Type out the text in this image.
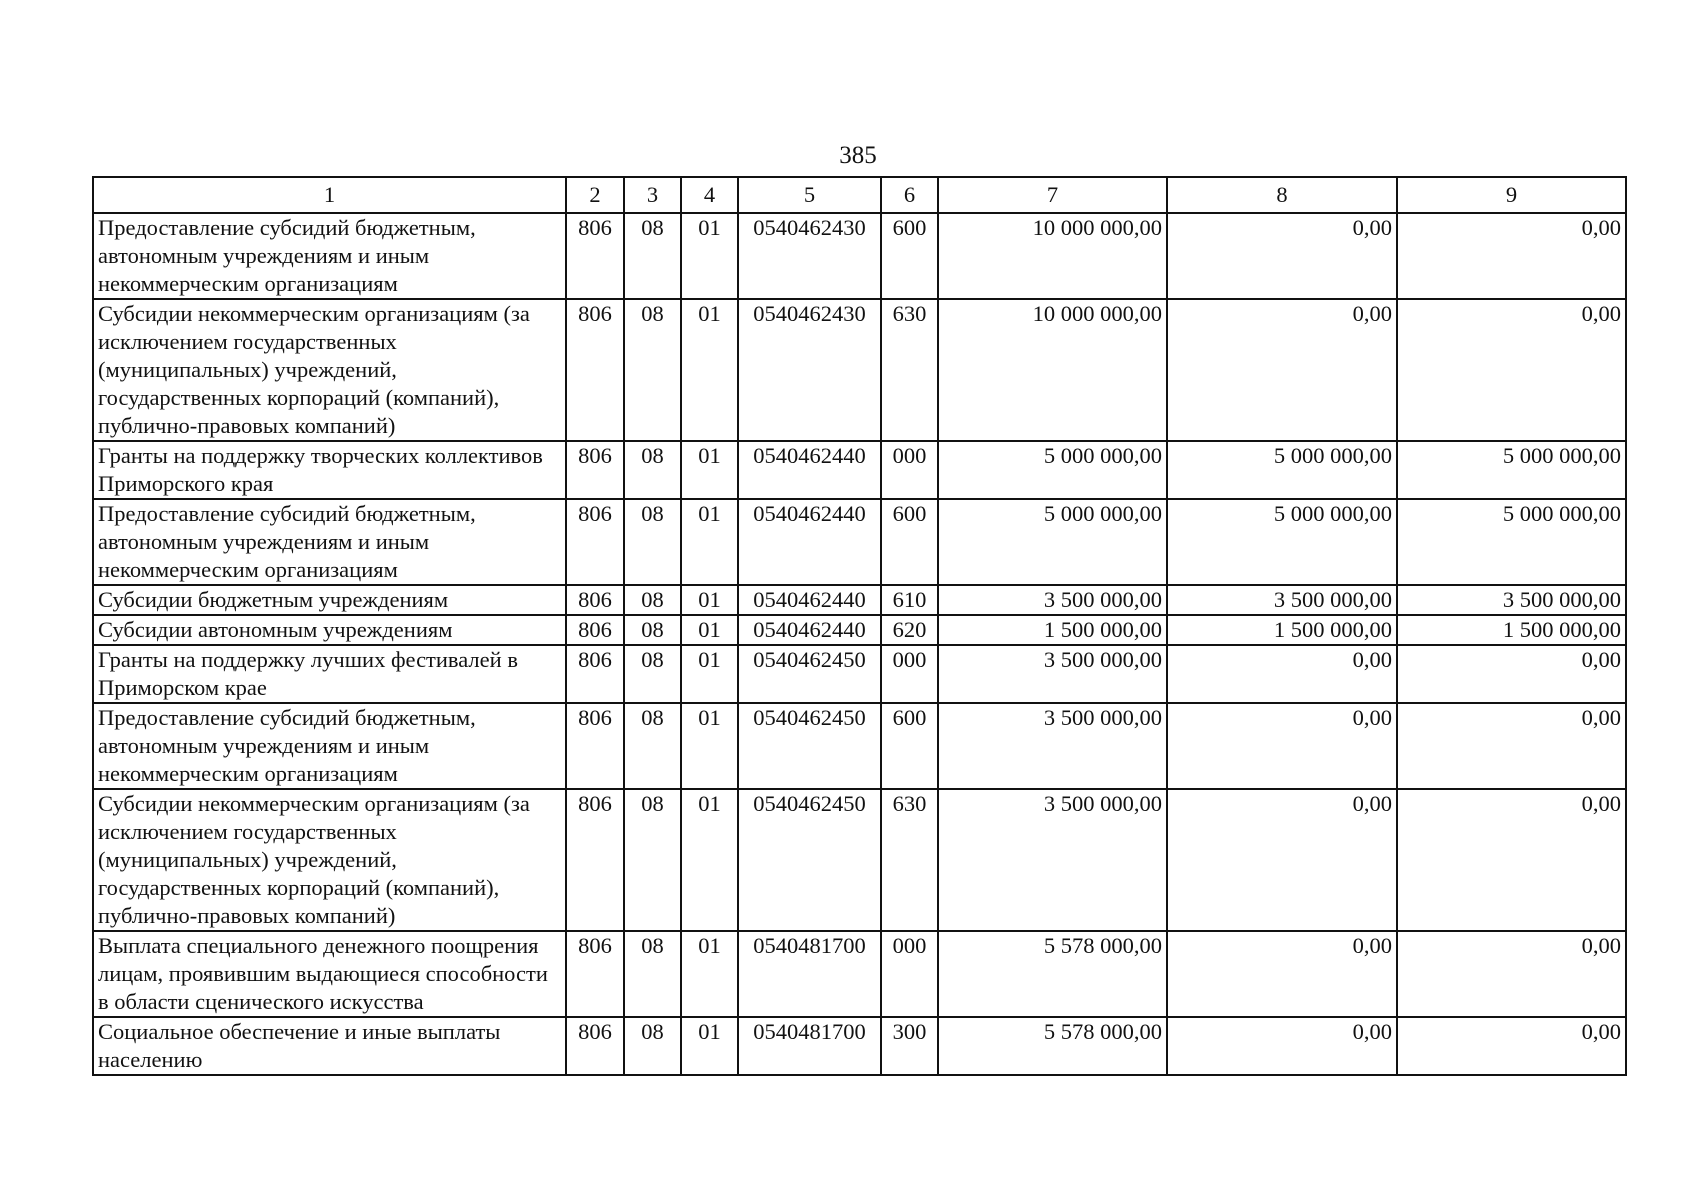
385
1	2	3	4	5	6	7	8	9
Предоставление субсидий бюджетным, автономным учреждениям и иным некоммерческим организациям	806	08	01	0540462430	600	10 000 000,00	0,00	0,00
Субсидии некоммерческим организациям (за исключением государственных (муниципальных) учреждений, государственных корпораций (компаний), публично-правовых компаний)	806	08	01	0540462430	630	10 000 000,00	0,00	0,00
Гранты на поддержку творческих коллективов Приморского края	806	08	01	0540462440	000	5 000 000,00	5 000 000,00	5 000 000,00
Предоставление субсидий бюджетным, автономным учреждениям и иным некоммерческим организациям	806	08	01	0540462440	600	5 000 000,00	5 000 000,00	5 000 000,00
Субсидии бюджетным учреждениям	806	08	01	0540462440	610	3 500 000,00	3 500 000,00	3 500 000,00
Субсидии автономным учреждениям	806	08	01	0540462440	620	1 500 000,00	1 500 000,00	1 500 000,00
Гранты на поддержку лучших фестивалей в Приморском крае	806	08	01	0540462450	000	3 500 000,00	0,00	0,00
Предоставление субсидий бюджетным, автономным учреждениям и иным некоммерческим организациям	806	08	01	0540462450	600	3 500 000,00	0,00	0,00
Субсидии некоммерческим организациям (за исключением государственных (муниципальных) учреждений, государственных корпораций (компаний), публично-правовых компаний)	806	08	01	0540462450	630	3 500 000,00	0,00	0,00
Выплата специального денежного поощрения лицам, проявившим выдающиеся способности в области сценического искусства	806	08	01	0540481700	000	5 578 000,00	0,00	0,00
Социальное обеспечение и иные выплаты населению	806	08	01	0540481700	300	5 578 000,00	0,00	0,00
